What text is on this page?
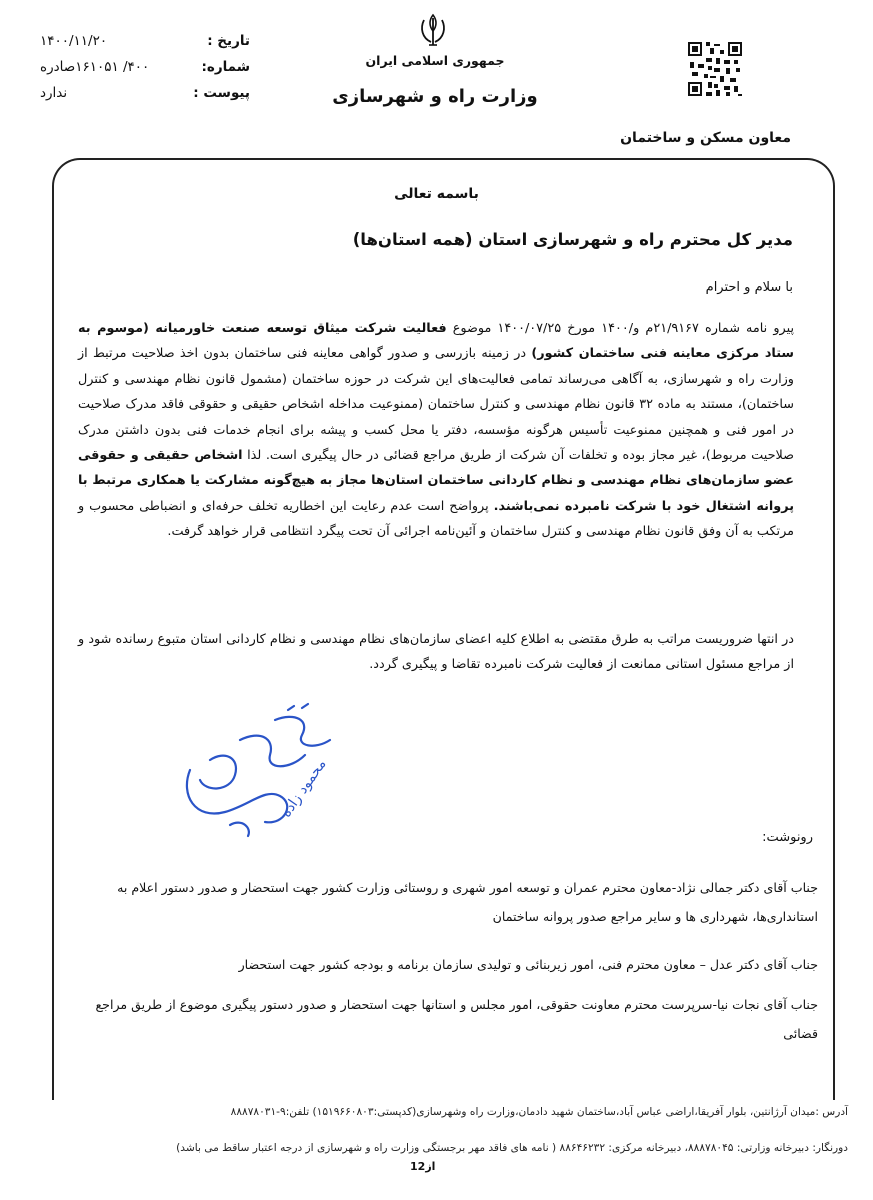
تاریخ :
۱۴۰۰/۱۱/۲۰
شماره:
۴۰۰/ ۱۶۱۰۵۱صادره
پیوست :
ندارد
جمهوری اسلامی ایران
وزارت راه و شهرسازی
معاون مسکن و ساختمان
باسمه تعالی
مدیر کل محترم راه و شهرسازی استان (همه استان‌ها)
با سلام و احترام
پیرو نامه شماره ۲۱/۹۱۶۷م و/۱۴۰۰ مورخ ۱۴۰۰/۰۷/۲۵ موضوع فعالیت شرکت میثاق توسعه صنعت خاورمیانه (موسوم به ستاد مرکزی معاینه فنی ساختمان کشور) در زمینه بازرسی و صدور گواهی معاینه فنی ساختمان بدون اخذ صلاحیت مرتبط از وزارت راه و شهرسازی، به آگاهی می‌رساند تمامی فعالیت‌های این شرکت در حوزه ساختمان (مشمول قانون نظام مهندسی و کنترل ساختمان)، مستند به ماده ۳۲ قانون نظام مهندسی و کنترل ساختمان (ممنوعیت مداخله اشخاص حقیقی و حقوقی فاقد مدرک صلاحیت در امور فنی و همچنین ممنوعیت تأسیس هرگونه مؤسسه، دفتر یا محل کسب و پیشه برای انجام خدمات فنی بدون داشتن مدرک صلاحیت مربوط)، غیر مجاز بوده و تخلفات آن شرکت از طریق مراجع قضائی در حال پیگیری است. لذا اشخاص حقیقی و حقوقی عضو سازمان‌های نظام مهندسی و نظام کاردانی ساختمان استان‌ها مجاز به هیچ‌گونه مشارکت یا همکاری مرتبط با پروانه اشتغال خود با شرکت نامبرده نمی‌باشند. پرواضح است عدم رعایت این اخطاریه تخلف حرفه‌ای و انضباطی محسوب و مرتکب به آن وفق قانون نظام مهندسی و کنترل ساختمان و آئین‌نامه اجرائی آن تحت پیگرد انتظامی قرار خواهد گرفت.
در انتها ضروریست مراتب به طرق مقتضی به اطلاع کلیه اعضای سازمان‌های نظام مهندسی و نظام کاردانی استان متبوع رسانده شود و از مراجع مسئول استانی ممانعت از فعالیت شرکت نامبرده تقاضا و پیگیری گردد.
محمود زاده
رونوشت:
جناب آقای دکتر جمالی نژاد-معاون محترم عمران و توسعه امور شهری و روستائی وزارت کشور جهت استحضار و صدور دستور اعلام به استانداری‌ها، شهرداری ها و سایر مراجع صدور پروانه ساختمان
جناب آقای دکتر عدل – معاون محترم فنی، امور زیربنائی و تولیدی سازمان برنامه و بودجه کشور جهت استحضار
جناب آقای نجات نیا-سرپرست محترم معاونت حقوقی، امور مجلس و استانها جهت استحضار و صدور دستور پیگیری موضوع از طریق مراجع قضائی
آدرس :میدان آرژانتین، بلوار آفریقا،اراضی عباس آباد،ساختمان شهید دادمان،وزارت راه وشهرسازی(کدپستی:۱۵۱۹۶۶۰۸۰۳) تلفن:۹-۸۸۸۷۸۰۳۱
دورنگار: دبیرخانه وزارتی: ۸۸۸۷۸۰۴۵، دبیرخانه مرکزی: ۸۸۶۴۶۲۳۲ ( نامه های فاقد مهر برجستگی وزارت راه و شهرسازی از درجه اعتبار ساقط می باشد)
1از2
